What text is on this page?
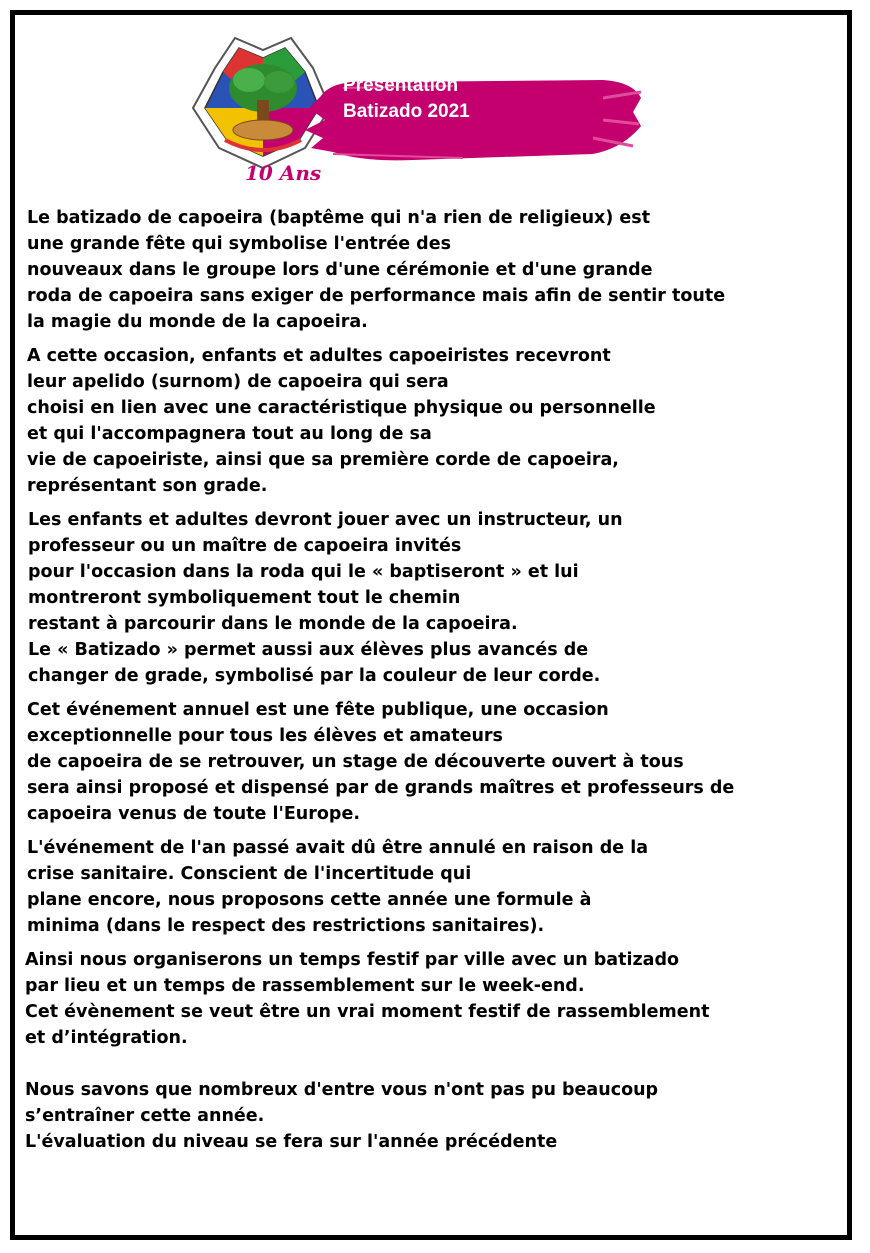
10 Ans
Présentation
Batizado 2021
Le batizado de capoeira (baptême qui n'a rien de religieux) est
une grande fête qui symbolise l'entrée des
nouveaux dans le groupe lors d'une cérémonie et d'une grande
roda de capoeira sans exiger de performance mais afin de sentir toute
la magie du monde de la capoeira.
A cette occasion, enfants et adultes capoeiristes recevront
leur apelido (surnom) de capoeira qui sera
choisi en lien avec une caractéristique physique ou personnelle
et qui l'accompagnera tout au long de sa
vie de capoeiriste, ainsi que sa première corde de capoeira,
représentant son grade.
Les enfants et adultes devront jouer avec un instructeur, un
professeur ou un maître de capoeira invités
pour l'occasion dans la roda qui le « baptiseront » et lui
montreront symboliquement tout le chemin
restant à parcourir dans le monde de la capoeira.
Le « Batizado » permet aussi aux élèves plus avancés de
changer de grade, symbolisé par la couleur de leur corde.
Cet événement annuel est une fête publique, une occasion
exceptionnelle pour tous les élèves et amateurs
de capoeira de se retrouver, un stage de découverte ouvert à tous
sera ainsi proposé et dispensé par de grands maîtres et professeurs de
capoeira venus de toute l'Europe.
L'événement de l'an passé avait dû être annulé en raison de la
crise sanitaire. Conscient de l'incertitude qui
plane encore, nous proposons cette année une formule à
minima (dans le respect des restrictions sanitaires).
Ainsi nous organiserons un temps festif par ville avec un batizado
par lieu et un temps de rassemblement sur le week-end.
Cet évènement se veut être un vrai moment festif de rassemblement
et d’intégration.
Nous savons que nombreux d'entre vous n'ont pas pu beaucoup
s’entraîner cette année.
L'évaluation du niveau se fera sur l'année précédente
